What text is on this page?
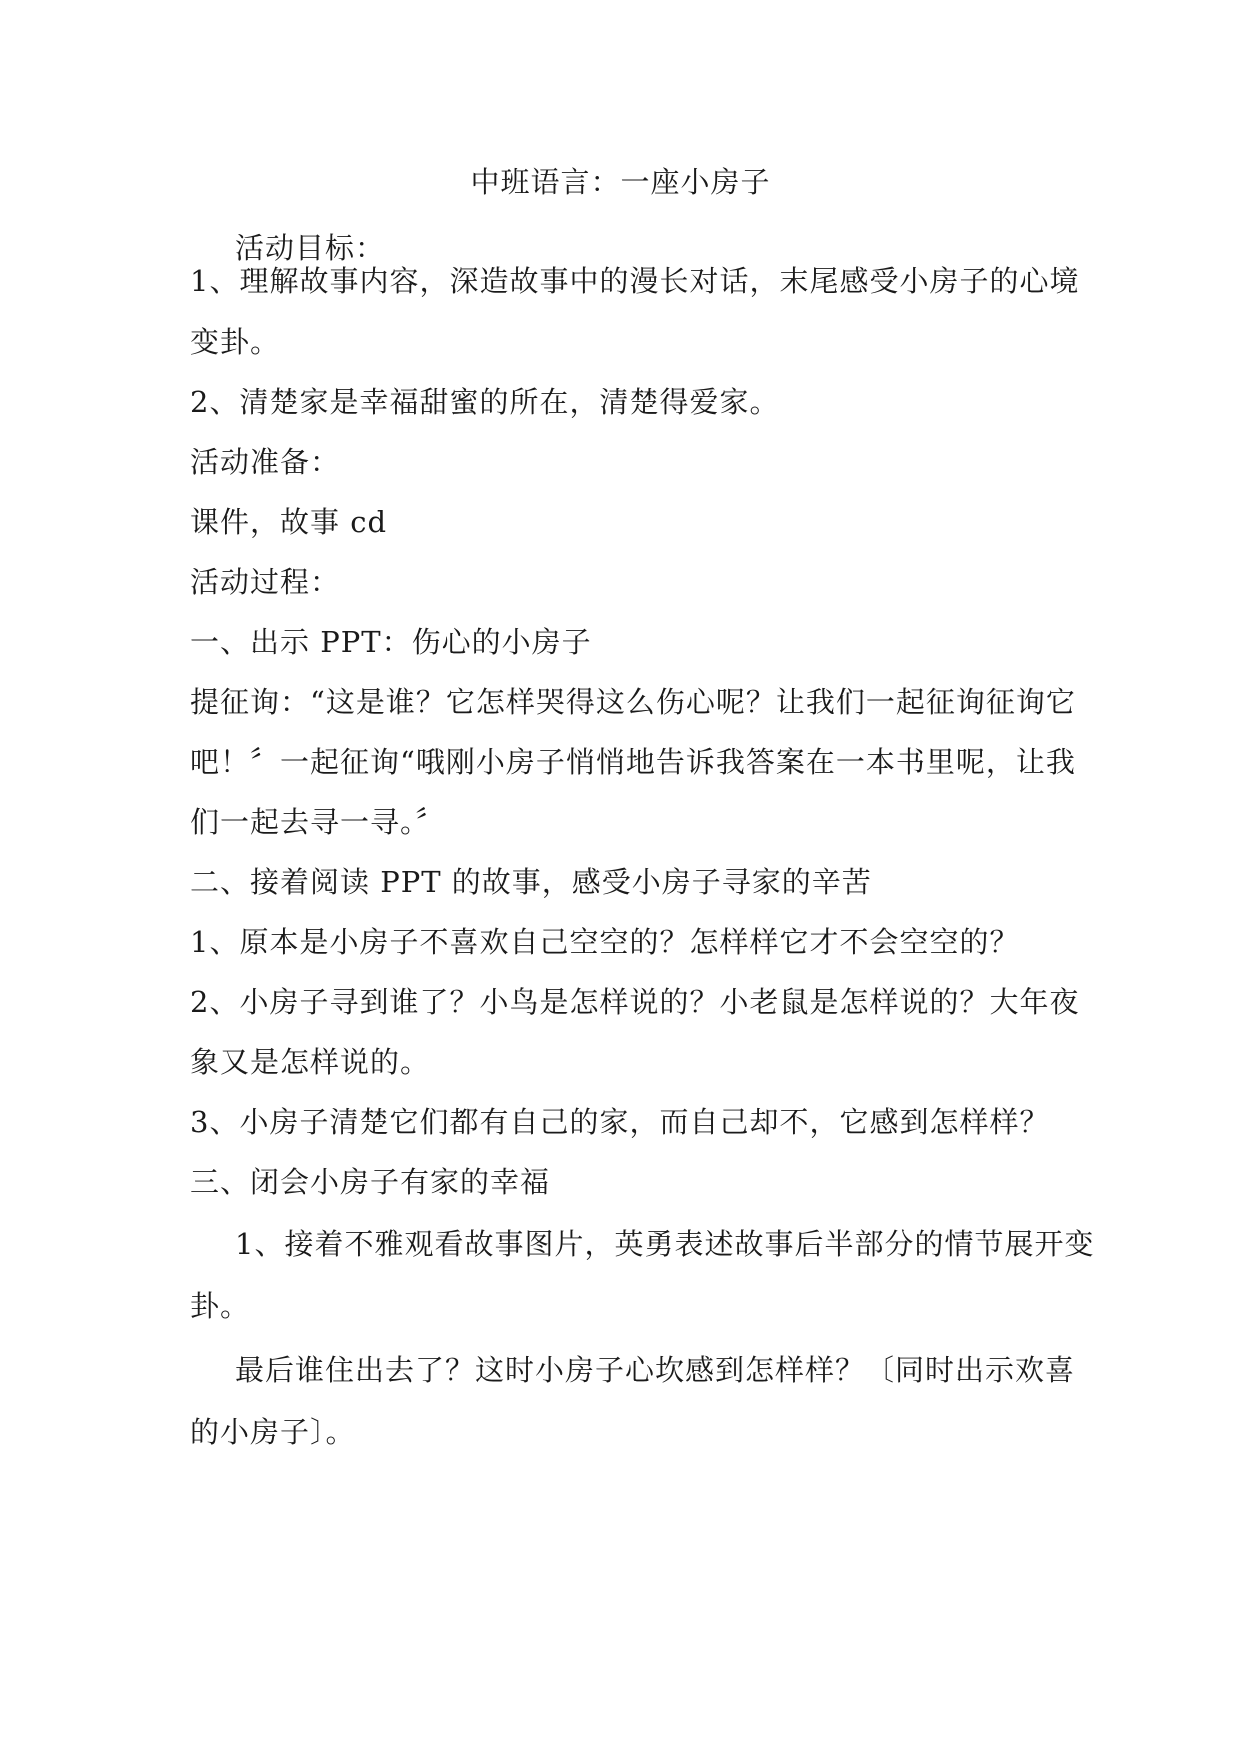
中班语言：一座小房子
活动目标：
1、理解故事内容，深造故事中的漫长对话，末尾感受小房子的心境
变卦。
2、清楚家是幸福甜蜜的所在，清楚得爱家。
活动准备：
课件，故事 cd
活动过程：
一、出示 PPT：伤心的小房子
提征询：“这是谁？它怎样哭得这么伤心呢？让我们一起征询征询它
吧！〞一起征询“哦刚小房子悄悄地告诉我答案在一本书里呢，让我
们一起去寻一寻。〞
二、接着阅读 PPT 的故事，感受小房子寻家的辛苦
1、原本是小房子不喜欢自己空空的？怎样样它才不会空空的？
2、小房子寻到谁了？小鸟是怎样说的？小老鼠是怎样说的？大年夜
象又是怎样说的。
3、小房子清楚它们都有自己的家，而自己却不，它感到怎样样？
三、闭会小房子有家的幸福
1、接着不雅观看故事图片，英勇表述故事后半部分的情节展开变
卦。
最后谁住出去了？这时小房子心坎感到怎样样？〔同时出示欢喜
的小房子〕。
